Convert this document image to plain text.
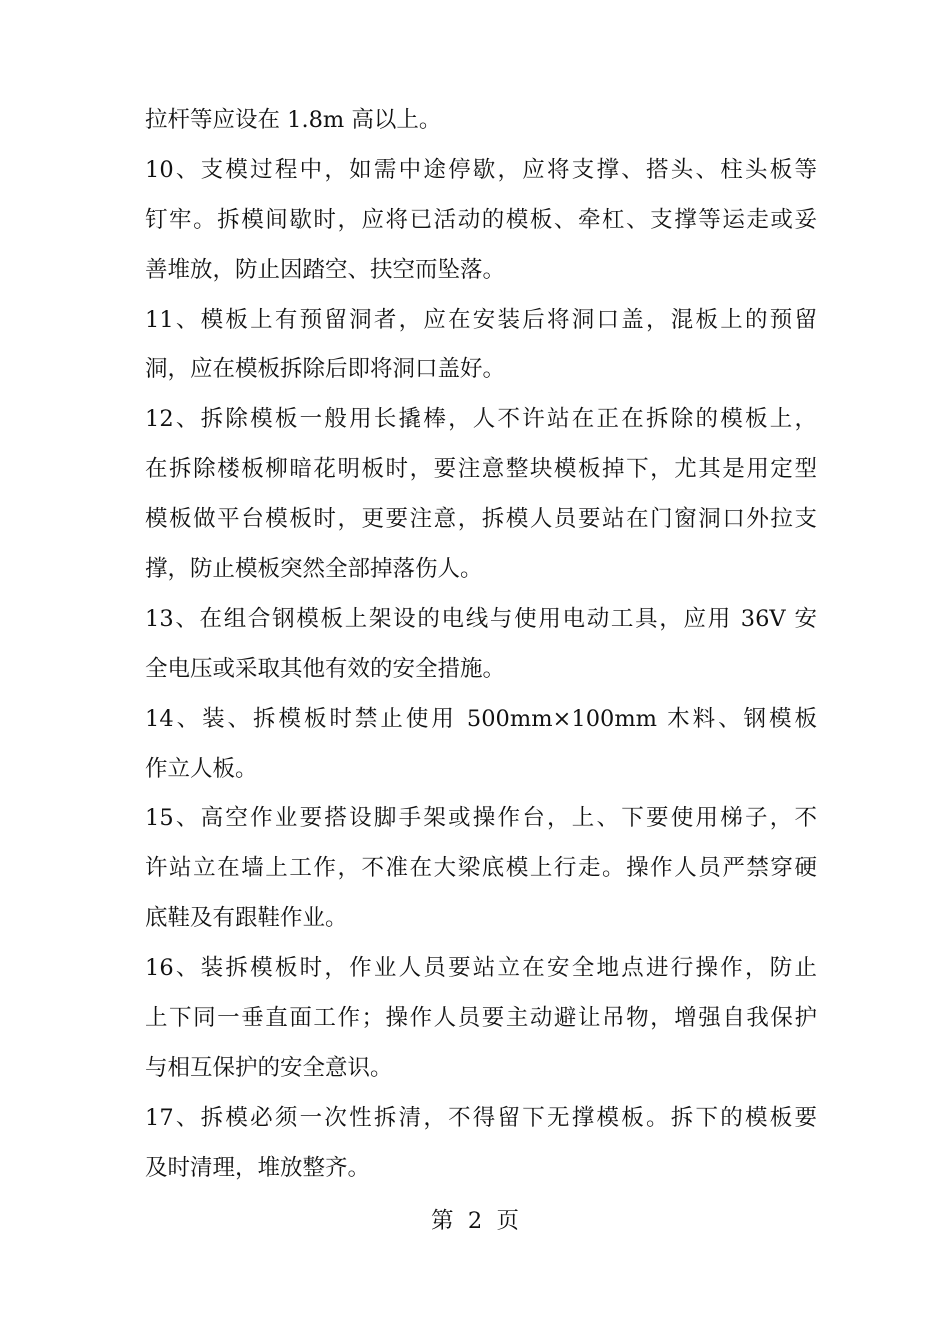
拉杆等应设在 1.8m 高以上。
10、支模过程中，如需中途停歇，应将支撑、搭头、柱头板等
钉牢。拆模间歇时，应将已活动的模板、牵杠、支撑等运走或妥
善堆放，防止因踏空、扶空而坠落。
11、模板上有预留洞者，应在安装后将洞口盖，混板上的预留
洞，应在模板拆除后即将洞口盖好。
12、拆除模板一般用长撬棒，人不许站在正在拆除的模板上，
在拆除楼板柳暗花明板时，要注意整块模板掉下，尤其是用定型
模板做平台模板时，更要注意，拆模人员要站在门窗洞口外拉支
撑，防止模板突然全部掉落伤人。
13、在组合钢模板上架设的电线与使用电动工具，应用 36V 安
全电压或采取其他有效的安全措施。
14、装、拆模板时禁止使用 500mm×100mm 木料、钢模板
作立人板。
15、高空作业要搭设脚手架或操作台，上、下要使用梯子，不
许站立在墙上工作，不准在大梁底模上行走。操作人员严禁穿硬
底鞋及有跟鞋作业。
16、装拆模板时，作业人员要站立在安全地点进行操作，防止
上下同一垂直面工作；操作人员要主动避让吊物，增强自我保护
与相互保护的安全意识。
17、拆模必须一次性拆清，不得留下无撑模板。拆下的模板要
及时清理，堆放整齐。
第  2  页
